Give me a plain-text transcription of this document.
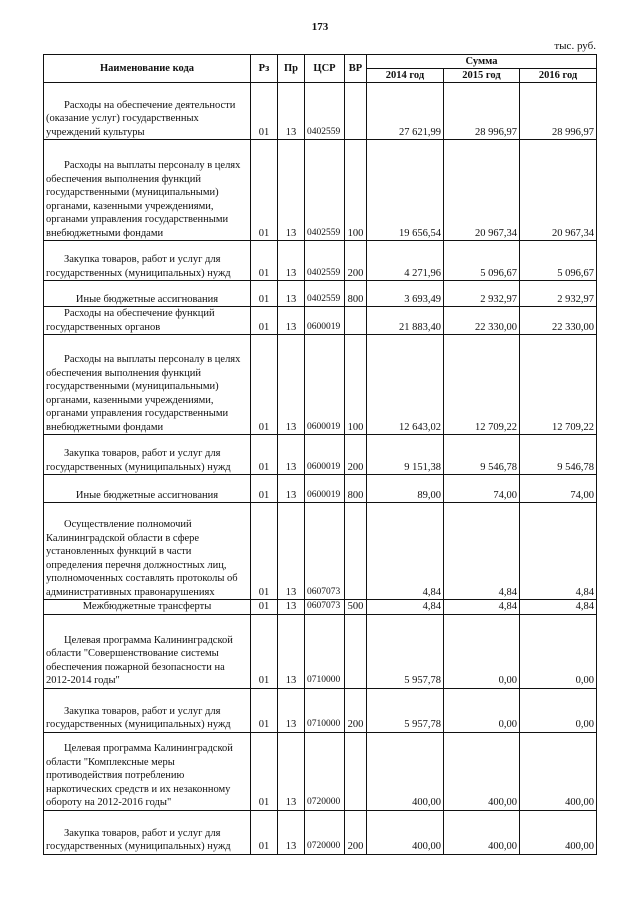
173
тыс. руб.
Наименование кода	Рз	Пр	ЦСР	ВР	Сумма		
					2014 год	2015 год	2016 год
Расходы на обеспечение деятельности (оказание услуг) государственных учреждений культуры	01	13	0402559		27 621,99	28 996,97	28 996,97
Расходы на выплаты персоналу в целях обеспечения выполнения функций государственными (муниципальными) органами, казенными учреждениями, органами управления государственными внебюджетными фондами	01	13	0402559	100	19 656,54	20 967,34	20 967,34
Закупка товаров, работ и услуг для государственных (муниципальных) нужд	01	13	0402559	200	4 271,96	5 096,67	5 096,67
Иные бюджетные ассигнования	01	13	0402559	800	3 693,49	2 932,97	2 932,97
Расходы на обеспечение функций государственных органов	01	13	0600019		21 883,40	22 330,00	22 330,00
Расходы на выплаты персоналу в целях обеспечения выполнения функций государственными (муниципальными) органами, казенными учреждениями, органами управления государственными внебюджетными фондами	01	13	0600019	100	12 643,02	12 709,22	12 709,22
Закупка товаров, работ и услуг для государственных (муниципальных) нужд	01	13	0600019	200	9 151,38	9 546,78	9 546,78
Иные бюджетные ассигнования	01	13	0600019	800	89,00	74,00	74,00
Осуществление полномочий Калининградской области в сфере установленных функций в части определения перечня должностных лиц, уполномоченных составлять протоколы об административных правонарушениях	01	13	0607073		4,84	4,84	4,84
Межбюджетные трансферты	01	13	0607073	500	4,84	4,84	4,84
Целевая программа Калининградской области "Совершенствование системы обеспечения пожарной безопасности на 2012-2014 годы"	01	13	0710000		5 957,78	0,00	0,00
Закупка товаров, работ и услуг для государственных (муниципальных) нужд	01	13	0710000	200	5 957,78	0,00	0,00
Целевая программа Калининградской области "Комплексные меры противодействия потреблению наркотических средств и их незаконному обороту на 2012-2016 годы"	01	13	0720000		400,00	400,00	400,00
Закупка товаров, работ и услуг для государственных (муниципальных) нужд	01	13	0720000	200	400,00	400,00	400,00
